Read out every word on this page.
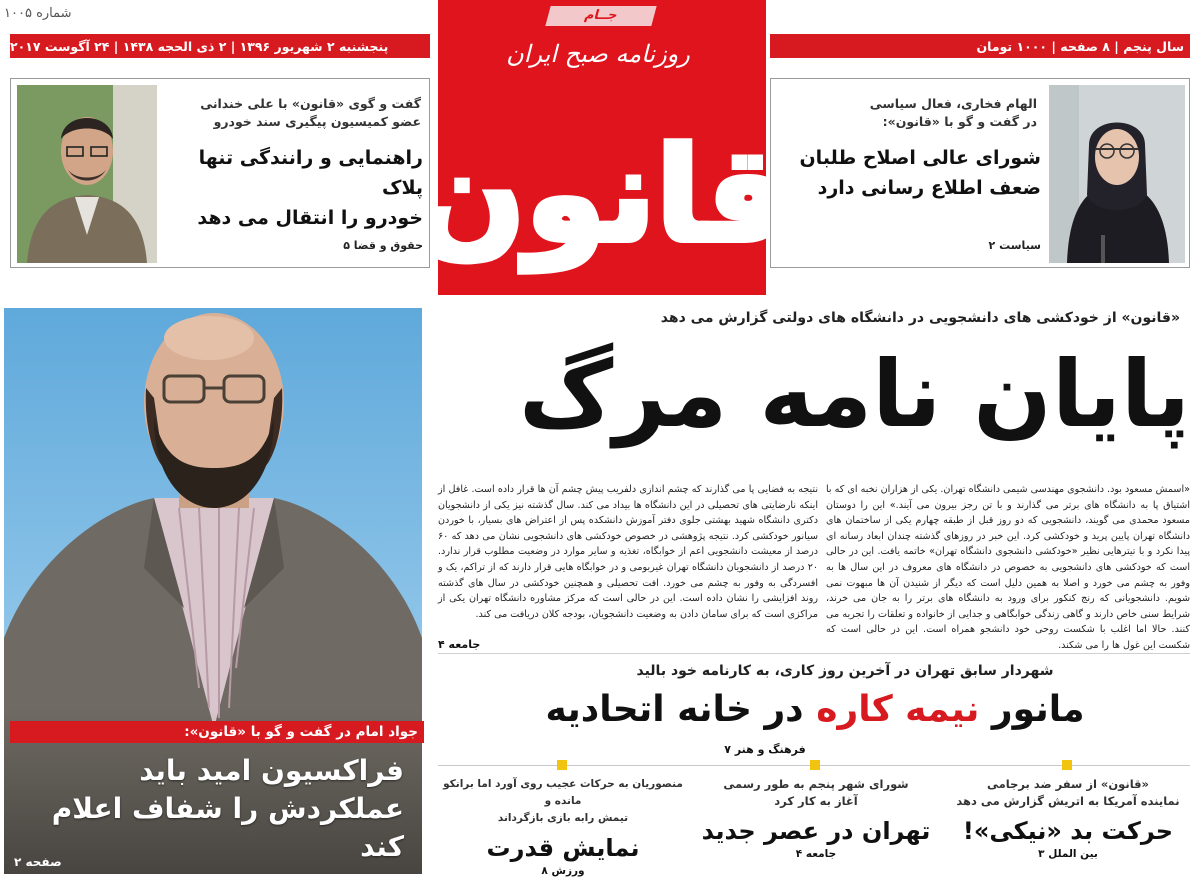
شماره ۱۰۰۵
پنجشنبه ۲ شهریور ۱۳۹۶ | ۲ ذی الحجه ۱۴۳۸ | ۲۴ آگوست ۲۰۱۷	سال پنجم | ۸ صفحه | ۱۰۰۰ تومان
جــام
روزنامه صبح ایران
قانون
الهام فخاری، فعال سیاسی
در گفت و گو با «قانون»:
شورای عالی اصلاح طلبان
ضعف اطلاع رسانی دارد
سیاست ۲
گفت و گوی «قانون» با علی خندانی
عضو کمیسیون پیگیری سند خودرو
راهنمایی و رانندگی تنها پلاک
خودرو را انتقال می دهد
حقوق و قضا ۵
جواد امام در گفت و گو با «قانون»:
فراکسیون امید باید
عملکردش را شفاف اعلام کند
صفحه ۲
«قانون» از خودکشی های دانشجویی در دانشگاه های دولتی گزارش می دهد
پایان نامه مرگ
«اسمش مسعود بود. دانشجوی مهندسی شیمی دانشگاه تهران. یکی از هزاران نخبه ای که با اشتیاق پا به دانشگاه های برتر می گذارند و با تن رجز بیرون می آیند.» این را دوستان مسعود محمدی می گویند، دانشجویی که دو روز قبل از طبقه چهارم یکی از ساختمان های دانشگاه تهران پایین پرید و خودکشی کرد. این خبر در روزهای گذشته چندان ابعاد رسانه ای پیدا نکرد و با تیترهایی نظیر «خودکشی دانشجوی دانشگاه تهران» خاتمه یافت. این در حالی است که خودکشی های دانشجویی به خصوص در دانشگاه های معروف در این سال ها به وفور به چشم می خورد و اصلا به همین دلیل است که دیگر از شنیدن آن ها مبهوت نمی شویم. دانشجویانی که رنج کنکور برای ورود به دانشگاه های برتر را به جان می خرند، شرایط سنی خاص دارند و گاهی زندگی خوابگاهی و جدایی از خانواده و تعلقات را تجربه می کنند. حالا اما اغلب با شکست روحی خود دانشجو همراه است. این در حالی است که شکست این غول ها را می شکند.
نتیجه به فضایی پا می گذارند که چشم اندازی دلفریب پیش چشم آن ها قرار داده است. غافل از اینکه نارضایتی های تحصیلی در این دانشگاه ها بیداد می کند. سال گذشته نیز یکی از دانشجویان دکتری دانشگاه شهید بهشتی جلوی دفتر آموزش دانشکده پس از اعتراض های بسیار، با خوردن سیانور خودکشی کرد. نتیجه پژوهشی در خصوص خودکشی های دانشجویی نشان می دهد که ۶۰ درصد از معیشت دانشجویی اعم از خوابگاه، تغذیه و سایر موارد در وضعیت مطلوب قرار ندارد. ۲۰ درصد از دانشجویان دانشگاه تهران غیربومی و در خوابگاه هایی قرار دارند که از تراکم، یک و افسردگی به وفور به چشم می خورد. افت تحصیلی و همچنین خودکشی در سال های گذشته روند افزایشی را نشان داده است. این در حالی است که مرکز مشاوره دانشگاه تهران یکی از مراکزی است که برای سامان دادن به وضعیت دانشجویان، بودجه کلان دریافت می کند.
جامعه ۴
شهردار سابق تهران در آخرین روز کاری، به کارنامه خود بالید
مانور نیمه کاره در خانه اتحادیه
فرهنگ و هنر ۷
«قانون» از سفر ضد برجامی
نماینده آمریکا به اتریش گزارش می دهد
حرکت بد «نیکی»!
بین الملل ۳
شورای شهر پنجم به طور رسمی
آغاز به کار کرد
تهران در عصر جدید
جامعه ۴
منصوریان به حرکات عجیب روی آورد اما برانکو مانده و
تیمش رابه بازی بازگرداند
نمایش قدرت
ورزش ۸
